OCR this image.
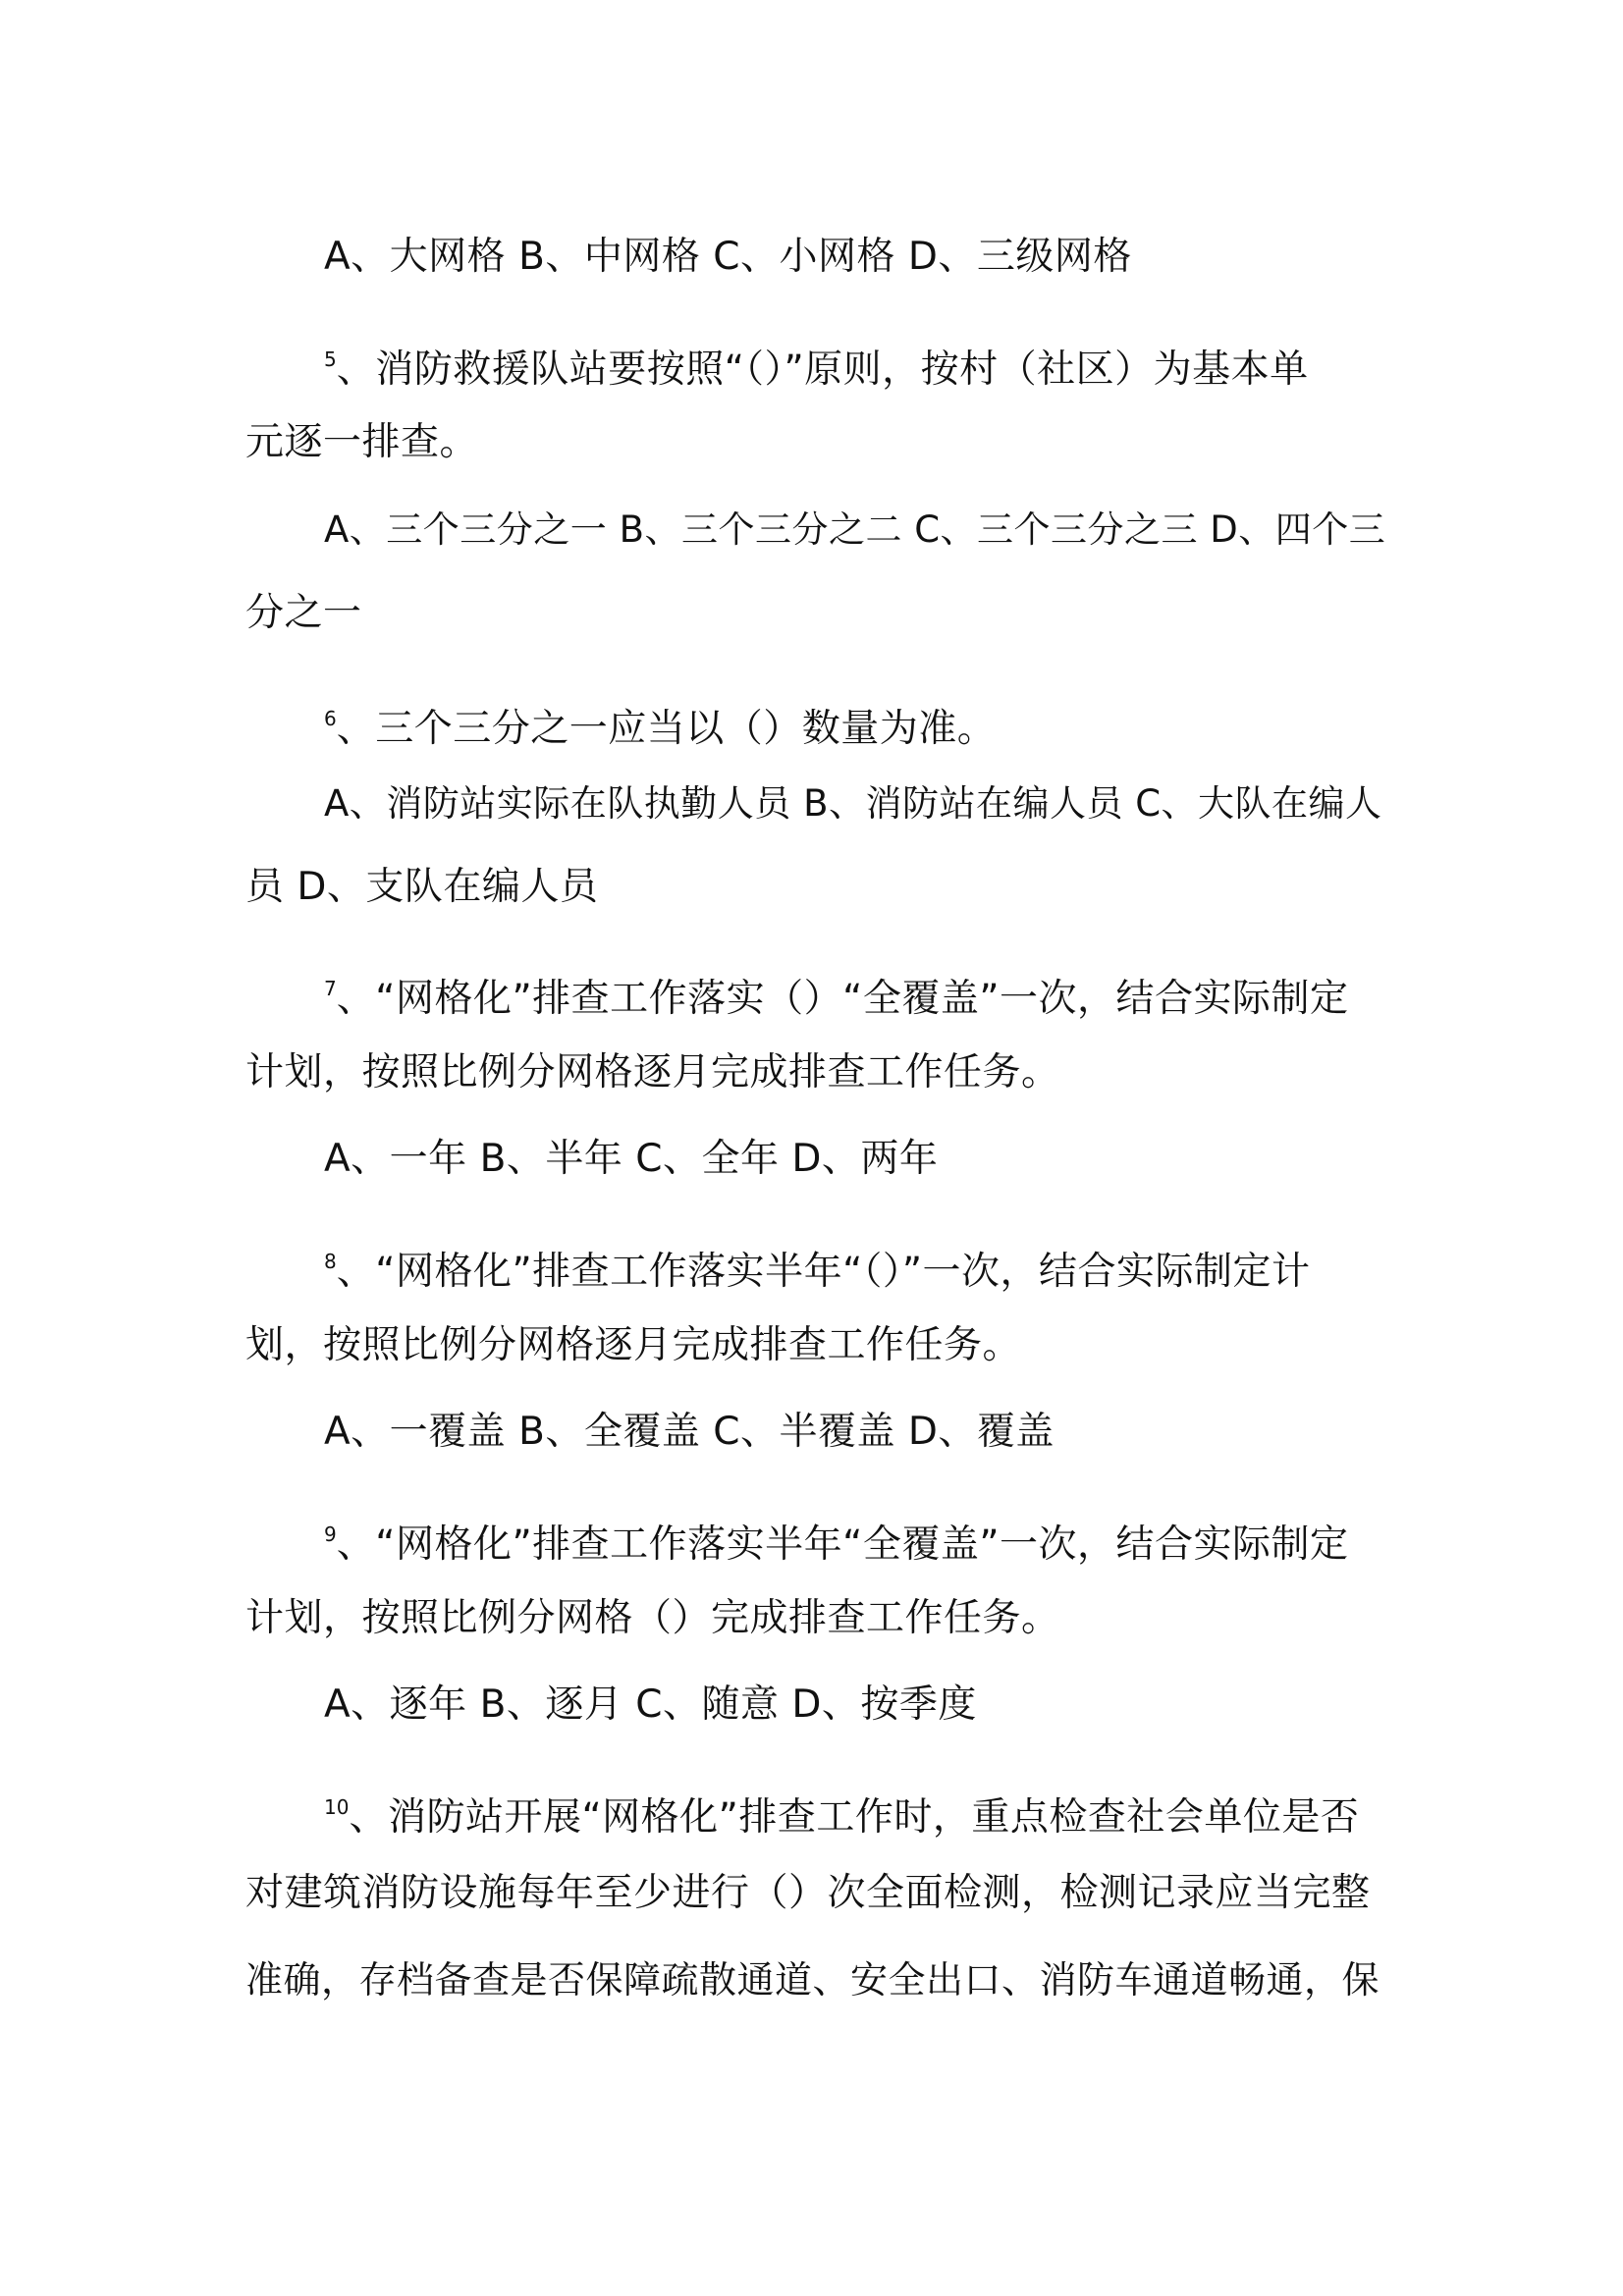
A、大网格 B、中网格 C、小网格 D、三级网格
$^5$、消防救援队站要按照“（）”原则，按村（社区）为基本单
元逐一排查。
A、三个三分之一 B、三个三分之二 C、三个三分之三 D、四个三
分之一
$^6$、三个三分之一应当以（）数量为准。
A、消防站实际在队执勤人员 B、消防站在编人员 C、大队在编人
员 D、支队在编人员
$^7$、“网格化”排查工作落实（）“全覆盖”一次，结合实际制定
计划，按照比例分网格逐月完成排查工作任务。
A、一年 B、半年 C、全年 D、两年
$^8$、“网格化”排查工作落实半年“（）”一次，结合实际制定计
划，按照比例分网格逐月完成排查工作任务。
A、一覆盖 B、全覆盖 C、半覆盖 D、覆盖
$^9$、“网格化”排查工作落实半年“全覆盖”一次，结合实际制定
计划，按照比例分网格（）完成排查工作任务。
A、逐年 B、逐月 C、随意 D、按季度
$^{10}$、消防站开展“网格化”排查工作时，重点检查社会单位是否
对建筑消防设施每年至少进行（）次全面检测，检测记录应当完整
准确，存档备查是否保障疏散通道、安全出口、消防车通道畅通，保
